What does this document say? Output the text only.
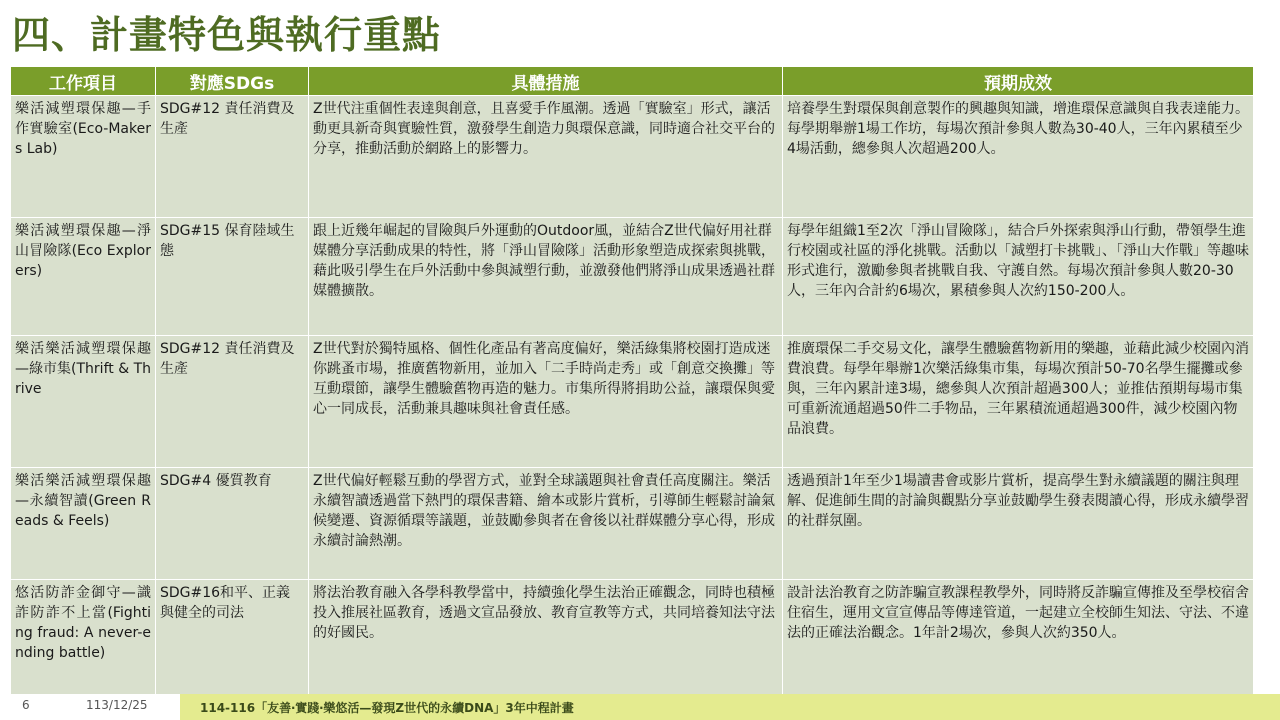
四、計畫特色與執行重點
工作項目	對應SDGs	具體措施	預期成效
樂活減塑環保趣—手作實驗室(Eco-Makers Lab)	SDG#12 責任消費及生產	Z世代注重個性表達與創意，且喜愛手作風潮。透過「實驗室」形式，讓活動更具新奇與實驗性質，激發學生創造力與環保意識，同時適合社交平台的分享，推動活動於網路上的影響力。	培養學生對環保與創意製作的興趣與知識，增進環保意識與自我表達能力。每學期舉辦1場工作坊，每場次預計參與人數為30-40人，三年內累積至少4場活動，總參與人次超過200人。
樂活減塑環保趣—淨山冒險隊(Eco Explorers)	SDG#15 保育陸域生態	跟上近幾年崛起的冒險與戶外運動的Outdoor風，並結合Z世代偏好用社群媒體分享活動成果的特性，將「淨山冒險隊」活動形象塑造成探索與挑戰，藉此吸引學生在戶外活動中參與減塑行動，並激發他們將淨山成果透過社群媒體擴散。	每學年組織1至2次「淨山冒險隊」，結合戶外探索與淨山行動，帶領學生進行校園或社區的淨化挑戰。活動以「減塑打卡挑戰」、「淨山大作戰」等趣味形式進行，激勵參與者挑戰自我、守護自然。每場次預計參與人數20-30人，三年內合計約6場次，累積參與人次約150-200人。
樂活樂活減塑環保趣—綠市集(Thrift & Thrive	SDG#12 責任消費及生產	Z世代對於獨特風格、個性化產品有著高度偏好，樂活綠集將校園打造成迷你跳蚤市場，推廣舊物新用，並加入「二手時尚走秀」或「創意交換攤」等互動環節，讓學生體驗舊物再造的魅力。市集所得將捐助公益，讓環保與愛心一同成長，活動兼具趣味與社會責任感。	推廣環保二手交易文化，讓學生體驗舊物新用的樂趣，並藉此減少校園內消費浪費。每學年舉辦1次樂活綠集市集，每場次預計50-70名學生擺攤或參與，三年內累計達3場，總參與人次預計超過300人；並推估預期每場市集可重新流通超過50件二手物品，三年累積流通超過300件，減少校園內物品浪費。
樂活樂活減塑環保趣—永續智讀(Green Reads & Feels)	SDG#4 優質教育	Z世代偏好輕鬆互動的學習方式，並對全球議題與社會責任高度關注。樂活永續智讀透過當下熱門的環保書籍、繪本或影片賞析，引導師生輕鬆討論氣候變遷、資源循環等議題，並鼓勵參與者在會後以社群媒體分享心得，形成永續討論熱潮。	透過預計1年至少1場讀書會或影片賞析，提高學生對永續議題的關注與理解、促進師生間的討論與觀點分享並鼓勵學生發表閱讀心得，形成永續學習的社群氛圍。
悠活防詐金御守—識詐防詐不上當(Fighting fraud: A never-ending battle)	SDG#16和平、正義與健全的司法	將法治教育融入各學科教學當中，持續強化學生法治正確觀念，同時也積極投入推展社區教育，透過文宣品發放、教育宣教等方式，共同培養知法守法的好國民。	設計法治教育之防詐騙宣教課程教學外，同時將反詐騙宣傳推及至學校宿舍住宿生，運用文宣宣傳品等傳達管道，一起建立全校師生知法、守法、不違法的正確法治觀念。1年計2場次，參與人次約350人。
6	113/12/25	114-116「友善‧實踐‧樂悠活—發現Z世代的永續DNA」3年中程計畫
